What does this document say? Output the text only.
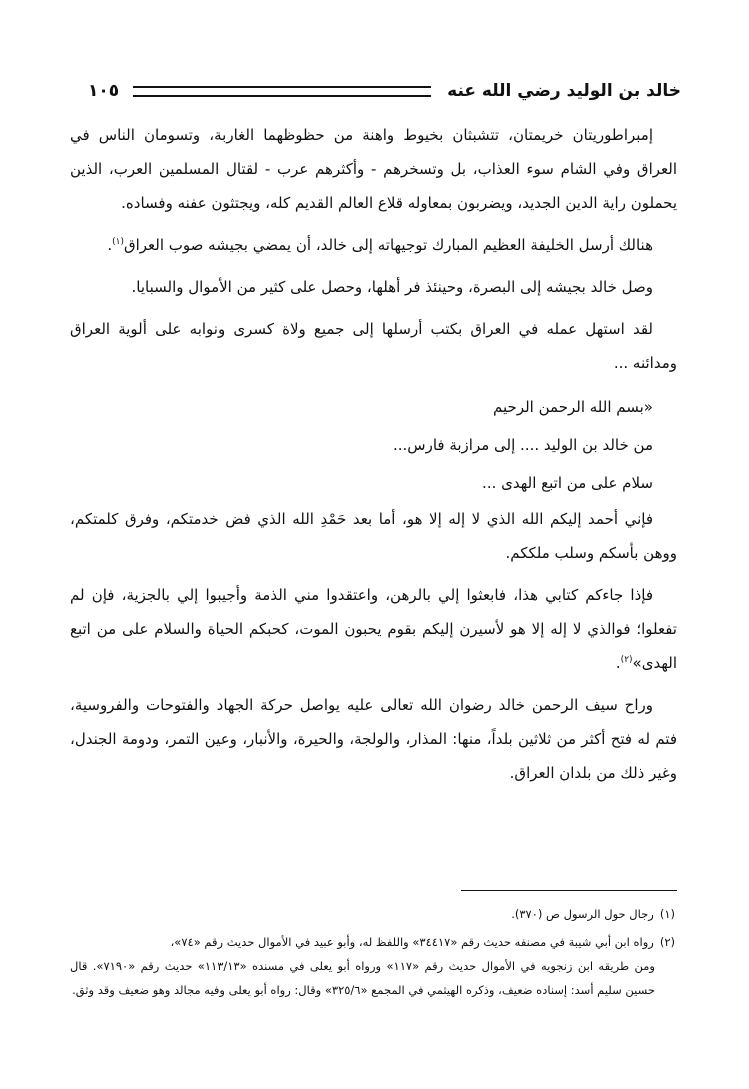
خالد بن الوليد رضي الله عنه
١٠٥

إمبراطوريتان خريمتان، تتشبثان بخيوط واهنة من حظوظهما الغاربة، وتسومان الناس في العراق وفي الشام سوء العذاب، بل وتسخرهم - وأكثرهم عرب - لقتال المسلمين العرب، الذين يحملون راية الدين الجديد، ويضربون بمعاوله قلاع العالم القديم كله، ويجتثون عفنه وفساده.

هنالك أرسل الخليفة العظيم المبارك توجيهاته إلى خالد، أن يمضي بجيشه صوب العراق$^{(١)}$.

وصل خالد بجيشه إلى البصرة، وحينئذ فر أهلها، وحصل على كثير من الأموال والسبايا.

لقد استهل عمله في العراق بكتب أرسلها إلى جميع ولاة كسرى ونوابه على ألوية العراق ومدائنه ...

«بسم الله الرحمن الرحيم

من خالد بن الوليد .... إلى مرازبة فارس...

سلام على من اتبع الهدى ...

فإني أحمد إليكم الله الذي لا إله إلا هو، أما بعد حَمْدِ الله الذي فض خدمتكم، وفرق كلمتكم، ووهن بأسكم وسلب ملككم.

فإذا جاءكم كتابي هذا، فابعثوا إلي بالرهن، واعتقدوا مني الذمة وأجيبوا إلي بالجزية، فإن لم تفعلوا؛ فوالذي لا إله إلا هو لأسيرن إليكم بقوم يحبون الموت، كحبكم الحياة والسلام على من اتبع الهدى»$^{(٢)}$.

وراح سيف الرحمن خالد رضوان الله تعالى عليه يواصل حركة الجهاد والفتوحات والفروسية، فتم له فتح أكثر من ثلاثين بلداً، منها: المذار، والولجة، والحيرة، والأنبار، وعين التمر، ودومة الجندل، وغير ذلك من بلدان العراق.

(١)رجال حول الرسول ص (٣٧٠).

(٢)رواه ابن أبي شيبة في مصنفه حديث رقم «٣٤٤١٧» واللفظ له، وأبو عبيد في الأموال حديث رقم «٧٤»،
ومن طريقه ابن زنجويه في الأموال حديث رقم «١١٧» ورواه أبو يعلى في مسنده «١١٣/١٣» حديث رقم «٧١٩٠». قال حسين سليم أسد: إسناده ضعيف، وذكره الهيثمي في المجمع «٣٢٥/٦» وقال: رواه أبو يعلى وفيه مجالد وهو ضعيف وقد وثق.
